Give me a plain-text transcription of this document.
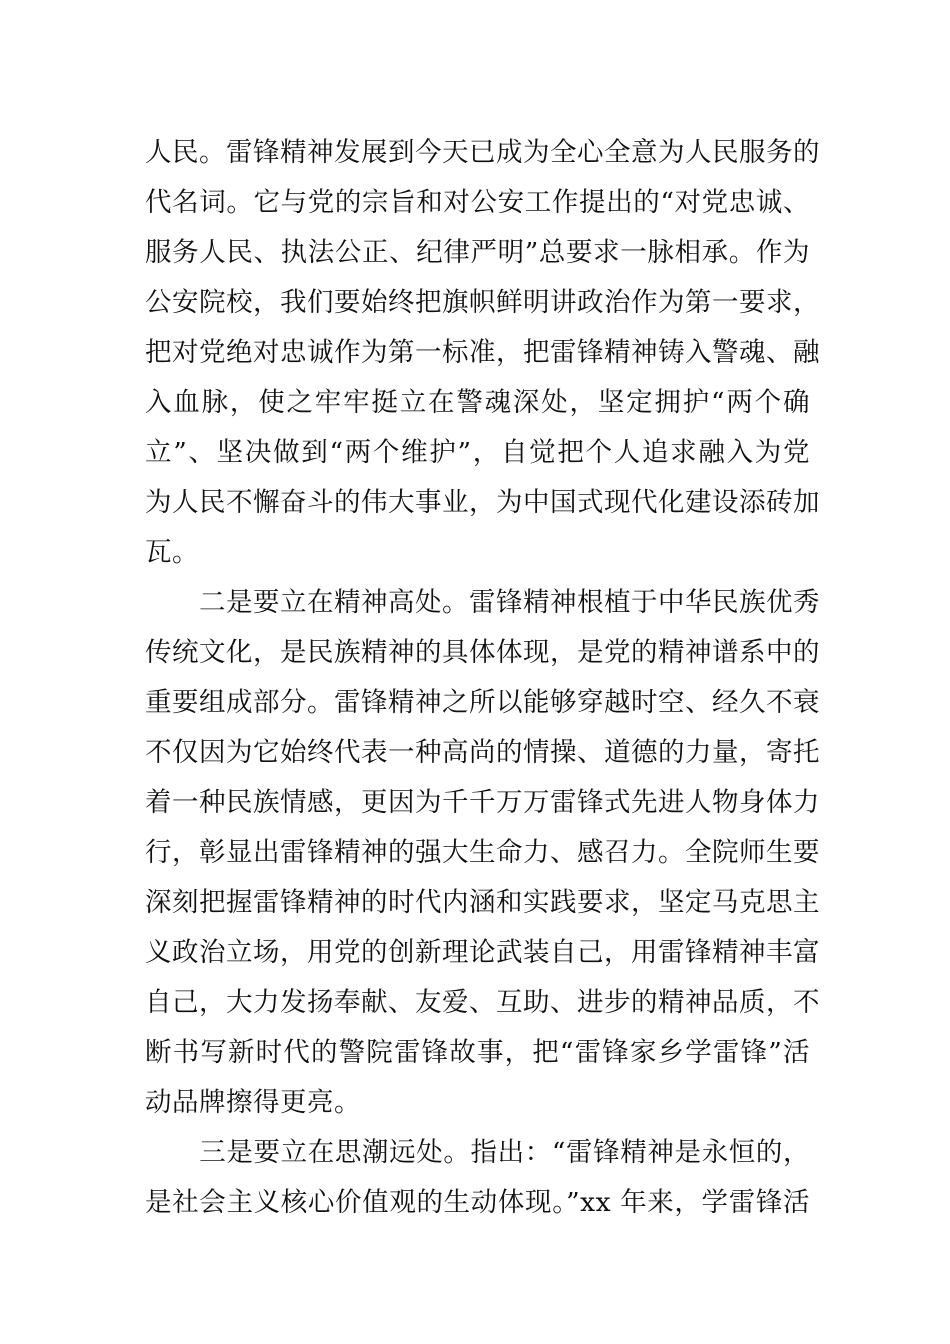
人民。雷锋精神发展到今天已成为全心全意为人民服务的
代名词。它与党的宗旨和对公安工作提出的“对党忠诚、
服务人民、执法公正、纪律严明”总要求一脉相承。作为
公安院校，我们要始终把旗帜鲜明讲政治作为第一要求，
把对党绝对忠诚作为第一标准，把雷锋精神铸入警魂、融
入血脉，使之牢牢挺立在警魂深处，坚定拥护“两个确
立”、坚决做到“两个维护”，自觉把个人追求融入为党
为人民不懈奋斗的伟大事业，为中国式现代化建设添砖加
瓦。
　　二是要立在精神高处。雷锋精神根植于中华民族优秀
传统文化，是民族精神的具体体现，是党的精神谱系中的
重要组成部分。雷锋精神之所以能够穿越时空、经久不衰
不仅因为它始终代表一种高尚的情操、道德的力量，寄托
着一种民族情感，更因为千千万万雷锋式先进人物身体力
行，彰显出雷锋精神的强大生命力、感召力。全院师生要
深刻把握雷锋精神的时代内涵和实践要求，坚定马克思主
义政治立场，用党的创新理论武装自己，用雷锋精神丰富
自己，大力发扬奉献、友爱、互助、进步的精神品质，不
断书写新时代的警院雷锋故事，把“雷锋家乡学雷锋”活
动品牌擦得更亮。
　　三是要立在思潮远处。指出：“雷锋精神是永恒的，
是社会主义核心价值观的生动体现。”xx 年来，学雷锋活
